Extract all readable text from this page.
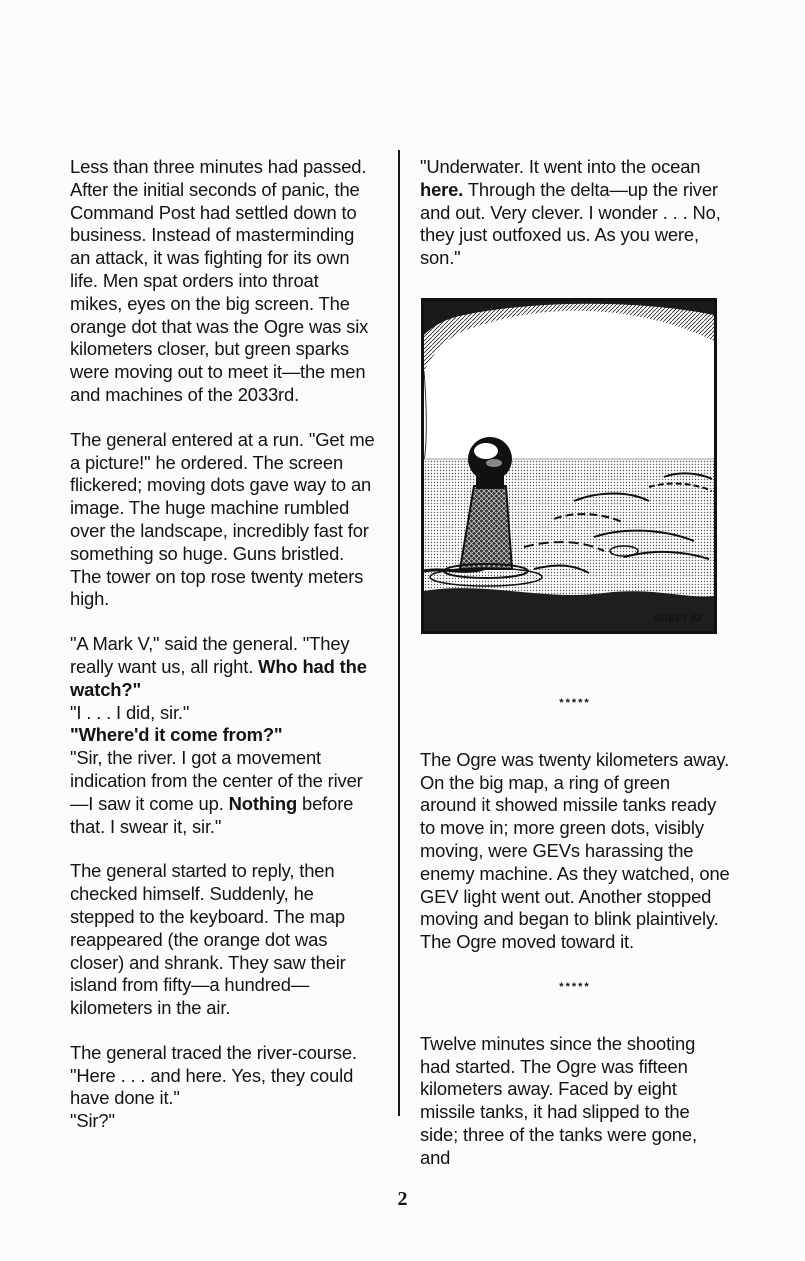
Less than three minutes had passed. After the initial seconds of panic, the Command Post had settled down to business. Instead of masterminding an attack, it was fighting for its own life. Men spat orders into throat mikes, eyes on the big screen. The orange dot that was the Ogre was six kilometers closer, but green sparks were moving out to meet it—the men and machines of the 2033rd.

The general entered at a run. "Get me a picture!" he ordered. The screen flickered; moving dots gave way to an image. The huge machine rumbled over the landscape, incredibly fast for something so huge. Guns bristled. The tower on top rose twenty meters high.

"A Mark V," said the general. "They really want us, all right. Who had the watch?"

"I . . . I did, sir."

"Where'd it come from?"

"Sir, the river. I got a movement indication from the center of the river—I saw it come up. Nothing before that. I swear it, sir."

The general started to reply, then checked himself. Suddenly, he stepped to the keyboard. The map reappeared (the orange dot was closer) and shrank. They saw their island from fifty—a hundred—kilometers in the air.

The general traced the river-course. "Here . . . and here. Yes, they could have done it."

"Sir?"

"Underwater. It went into the ocean here. Through the delta—up the river and out. Very clever. I wonder . . . No, they just outfoxed us. As you were, son."

*****

The Ogre was twenty kilometers away. On the big map, a ring of green around it showed missile tanks ready to move in; more green dots, visibly moving, were GEVs harassing the enemy machine. As they watched, one GEV light went out. Another stopped moving and began to blink plaintively. The Ogre moved toward it.

*****

Twelve minutes since the shooting had started. The Ogre was fifteen kilometers away. Faced by eight missile tanks, it had slipped to the side; three of the tanks were gone, and

DUBET 82
2
